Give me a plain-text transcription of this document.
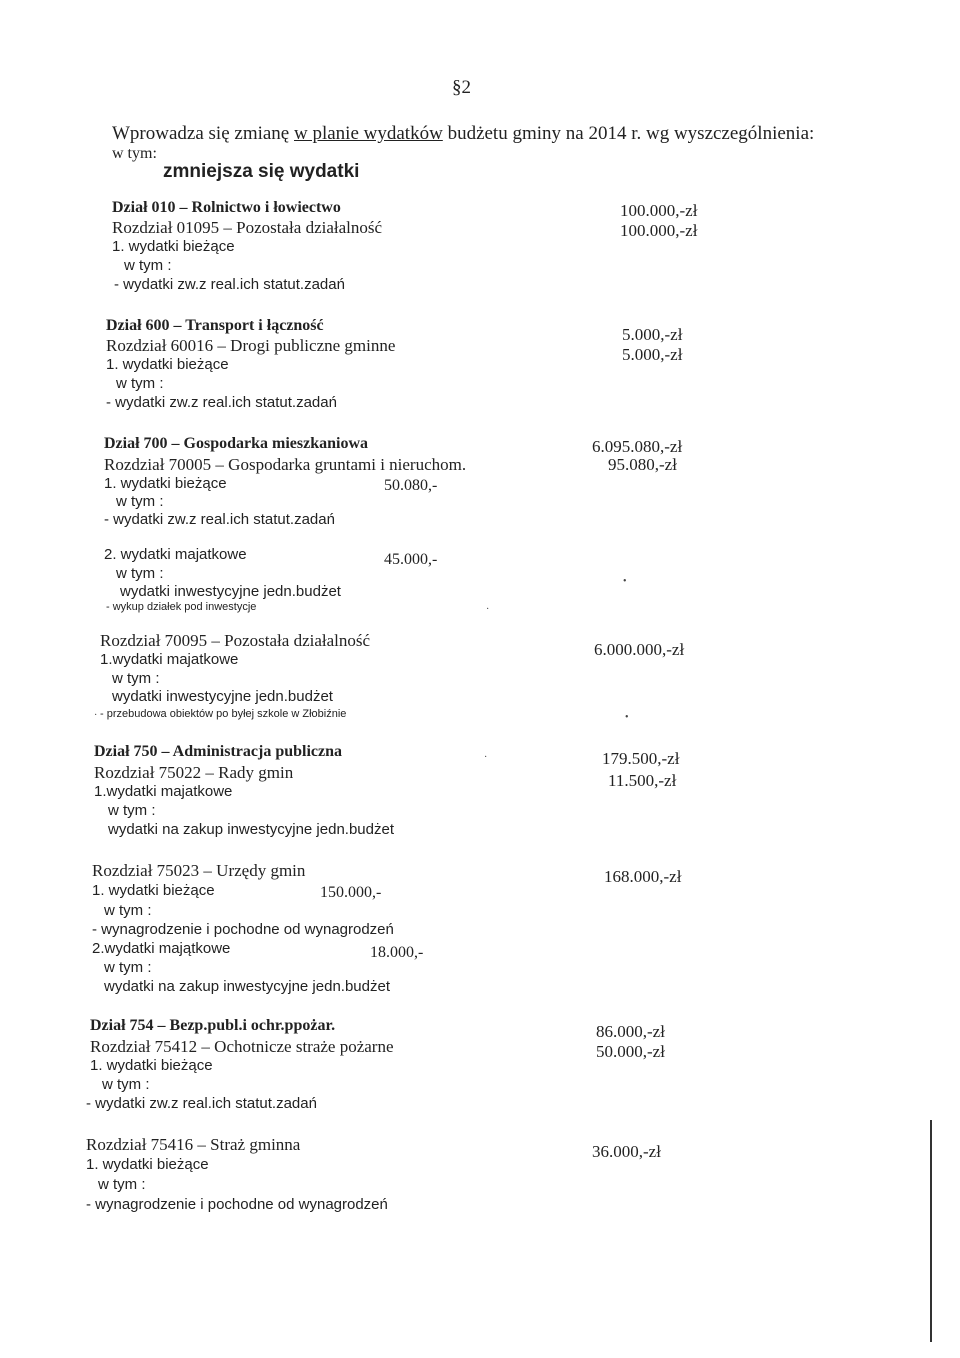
§2
Wprowadza się zmianę w planie wydatków budżetu gminy na 2014 r. wg wyszczególnienia:
w tym:
zmniejsza się wydatki
Dział 010 – Rolnictwo i łowiectwo	100.000,-zł
Rozdział 01095 – Pozostała działalność	100.000,-zł
1. wydatki bieżące
w tym :
- wydatki zw.z real.ich statut.zadań
Dział 600 – Transport i łączność	5.000,-zł
Rozdział 60016 – Drogi publiczne gminne	5.000,-zł
1. wydatki bieżące
w tym :
- wydatki zw.z real.ich statut.zadań
Dział 700 – Gospodarka mieszkaniowa	6.095.080,-zł
Rozdział 70005 – Gospodarka gruntami i nieruchom.	95.080,-zł
1. wydatki bieżące	50.080,-
w tym :
- wydatki zw.z real.ich statut.zadań
2. wydatki majatkowe	45.000,-
w tym :
wydatki inwestycyjne jedn.budżet
- wykup działek pod inwestycje
Rozdział 70095 – Pozostała działalność	6.000.000,-zł
1.wydatki majatkowe
w tym :
wydatki inwestycyjne jedn.budżet
- przebudowa obiektów po byłej szkole w Złobiźnie
Dział 750 – Administracja publiczna	179.500,-zł
Rozdział 75022 – Rady gmin	11.500,-zł
1.wydatki majatkowe
w tym :
wydatki na zakup inwestycyjne jedn.budżet
Rozdział 75023 – Urzędy gmin	168.000,-zł
1. wydatki bieżące	150.000,-
w tym :
- wynagrodzenie i pochodne od wynagrodzeń
2.wydatki majątkowe	18.000,-
w tym :
wydatki na zakup inwestycyjne jedn.budżet
Dział 754 – Bezp.publ.i ochr.ppożar.	86.000,-zł
Rozdział 75412 – Ochotnicze straże pożarne	50.000,-zł
1. wydatki bieżące
w tym :
- wydatki zw.z real.ich statut.zadań
Rozdział 75416 – Straż gminna	36.000,-zł
1. wydatki bieżące
w tym :
- wynagrodzenie i pochodne od wynagrodzeń
•
•
·
·
·
